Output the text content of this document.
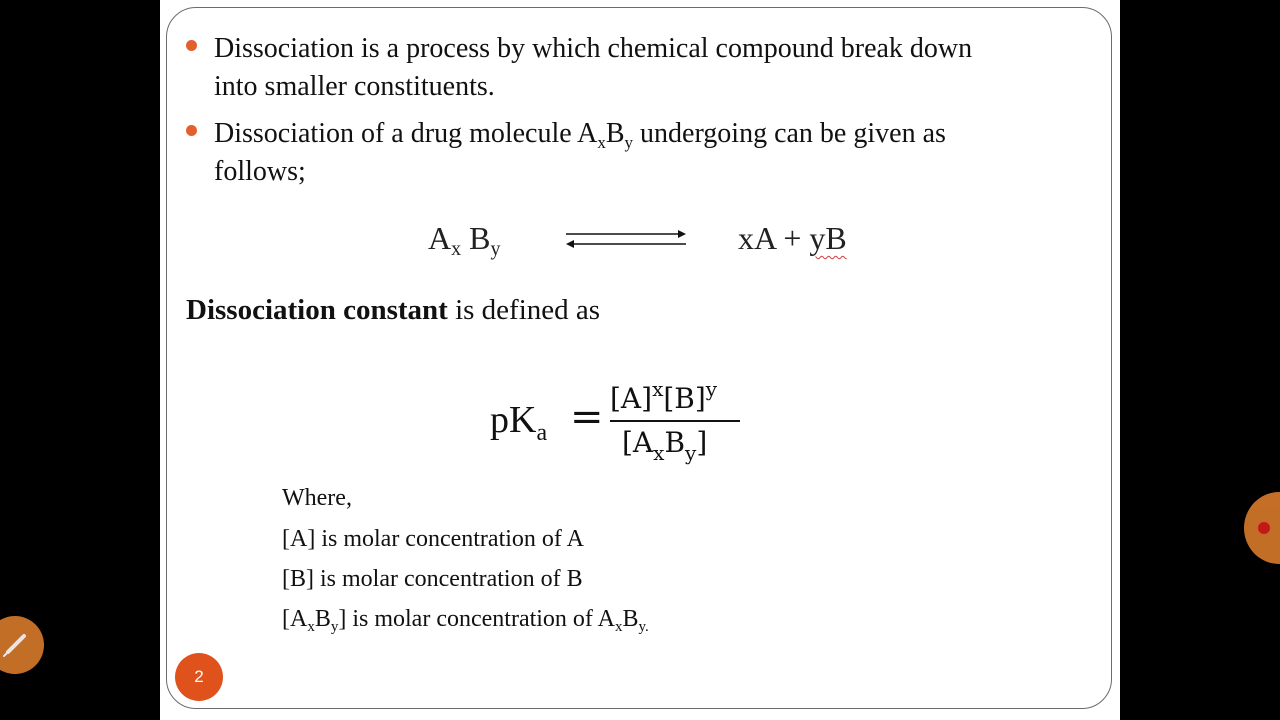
Dissociation is a process by which chemical compound break down
into smaller constituents.
Dissociation of a drug molecule $A_xB_y$ undergoing can be given as
follows;
$A_x$ $B_y$	xA + yB
Dissociation constant is defined as
$pK_a = [A]^x[B]^y$
$[A_xB_y]$
Where,
[A] is molar concentration of A
[B] is molar concentration of B
$[A_xB_y]$ is molar concentration of $A_xB_{y.}$
2
